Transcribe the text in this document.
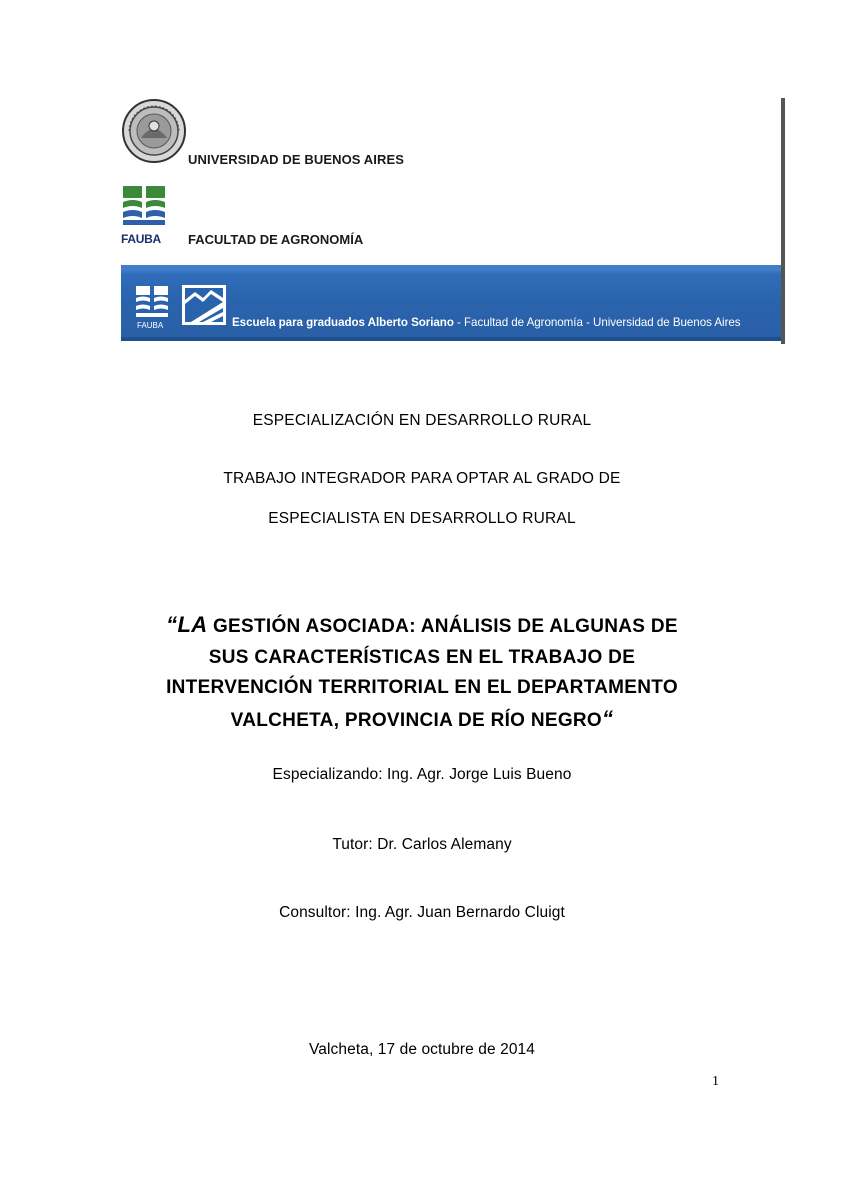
UNIVERSIDAD DE BUENOS AIRES
FAUBA FACULTAD DE AGRONOMÍA
FAUBA	Escuela para graduados Alberto Soriano - Facultad de Agronomía - Universidad de Buenos Aires
ESPECIALIZACIÓN EN DESARROLLO RURAL
TRABAJO INTEGRADOR PARA OPTAR AL GRADO DE
ESPECIALISTA EN DESARROLLO RURAL
“LA GESTIÓN ASOCIADA: ANÁLISIS DE ALGUNAS DE
SUS CARACTERÍSTICAS EN EL TRABAJO DE
INTERVENCIÓN TERRITORIAL EN EL DEPARTAMENTO
VALCHETA, PROVINCIA DE RÍO NEGRO“
Especializando: Ing. Agr. Jorge Luis Bueno
Tutor: Dr. Carlos Alemany
Consultor: Ing. Agr. Juan Bernardo Cluigt
Valcheta, 17 de octubre de 2014
1
